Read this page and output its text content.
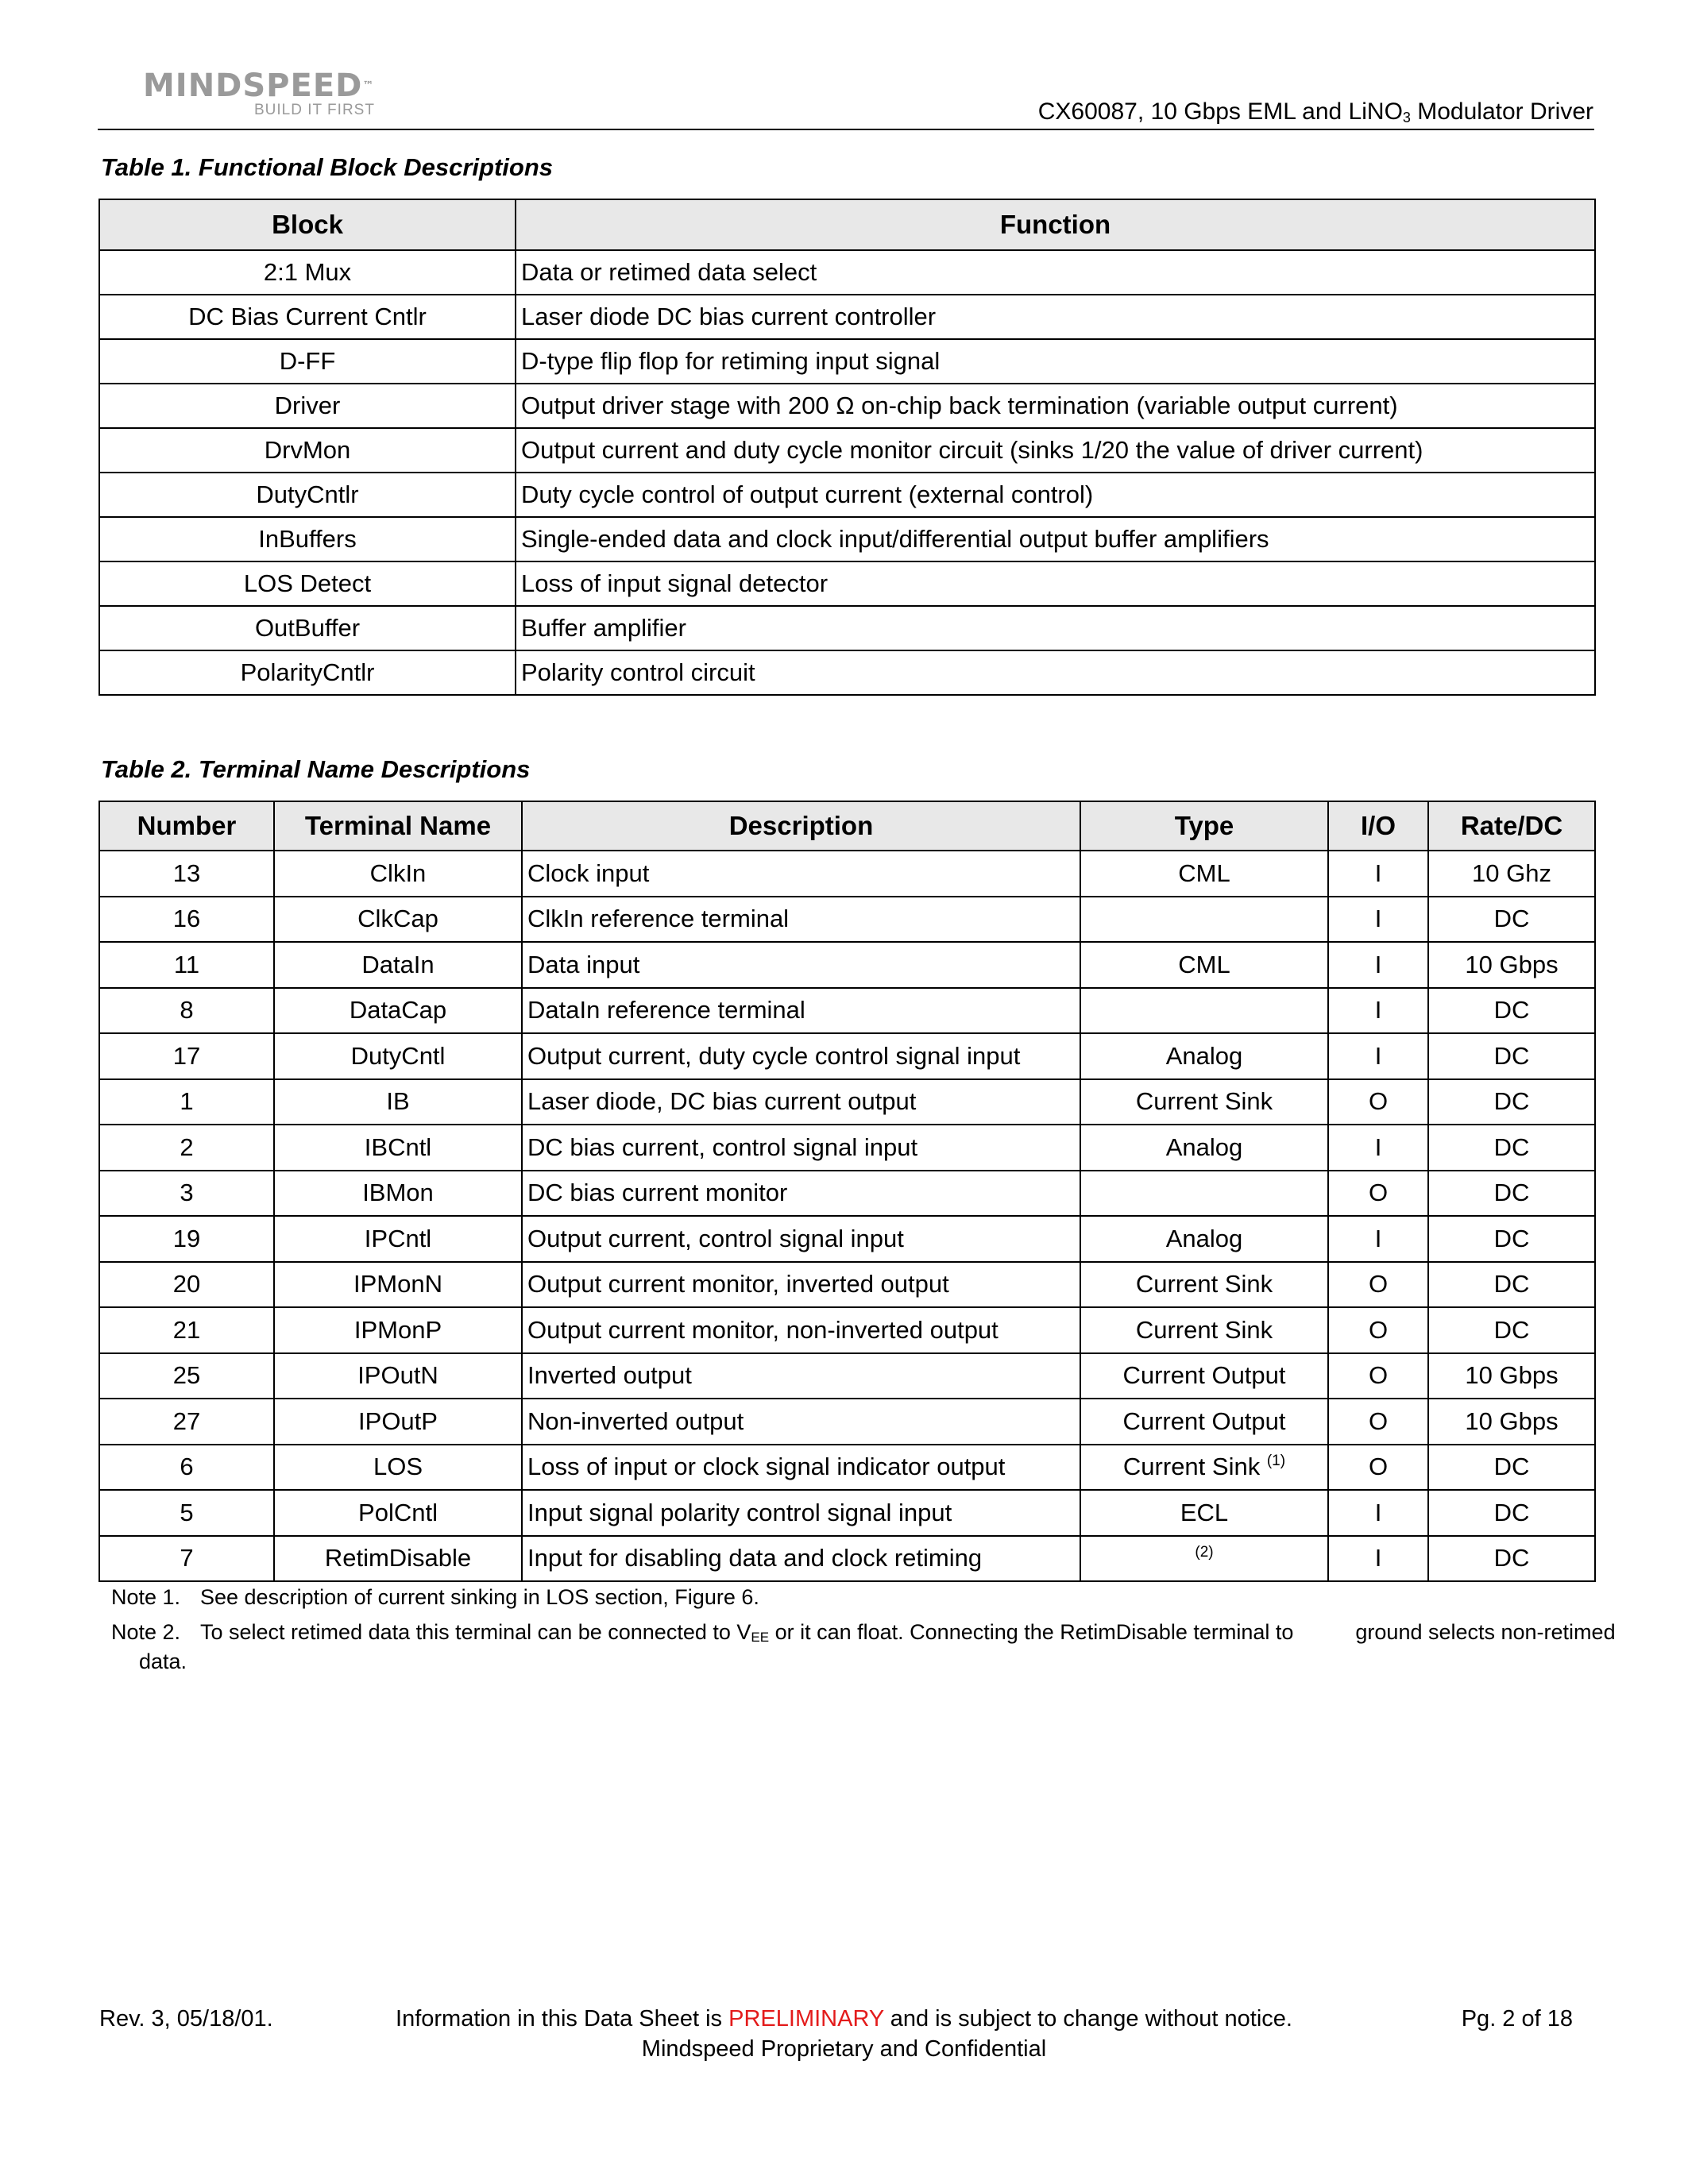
MINDSPEED™
BUILD IT FIRST	CX60087, 10 Gbps EML and LiNO$_3$ Modulator Driver
Table 1. Functional Block Descriptions
Block	Function
2:1 Mux	Data or retimed data select
DC Bias Current Cntlr	Laser diode DC bias current controller
D-FF	D-type flip flop for retiming input signal
Driver	Output driver stage with 200 Ω on-chip back termination (variable output current)
DrvMon	Output current and duty cycle monitor circuit (sinks 1/20 the value of driver current)
DutyCntlr	Duty cycle control of output current (external control)
InBuffers	Single-ended data and clock input/differential output buffer amplifiers
LOS Detect	Loss of input signal detector
OutBuffer	Buffer amplifier
PolarityCntlr	Polarity control circuit
Table 2. Terminal Name Descriptions
Number	Terminal Name	Description	Type	I/O	Rate/DC
13	ClkIn	Clock input	CML	I	10 Ghz
16	ClkCap	ClkIn reference terminal		I	DC
11	DataIn	Data input	CML	I	10 Gbps
8	DataCap	DataIn reference terminal		I	DC
17	DutyCntl	Output current, duty cycle control signal input	Analog	I	DC
1	IB	Laser diode, DC bias current output	Current Sink	O	DC
2	IBCntl	DC bias current, control signal input	Analog	I	DC
3	IBMon	DC bias current monitor		O	DC
19	IPCntl	Output current, control signal input	Analog	I	DC
20	IPMonN	Output current monitor, inverted output	Current Sink	O	DC
21	IPMonP	Output current monitor, non-inverted output	Current Sink	O	DC
25	IPOutN	Inverted output	Current Output	O	10 Gbps
27	IPOutP	Non-inverted output	Current Output	O	10 Gbps
6	LOS	Loss of input or clock signal indicator output	Current Sink $^{(1)}$	O	DC
5	PolCntl	Input signal polarity control signal input	ECL	I	DC
7	RetimDisable	Input for disabling data and clock retiming	$^{(2)}$	I	DC
Note 1. See description of current sinking in LOS section, Figure 6.
Note 2. To select retimed data this terminal can be connected to $V_{EE}$ or it can float. Connecting the RetimDisable terminal to	ground selects non-retimed
data.
Rev. 3, 05/18/01.	Information in this Data Sheet is PRELIMINARY and is subject to change without notice.
Mindspeed Proprietary and Confidential
Pg. 2 of 18
